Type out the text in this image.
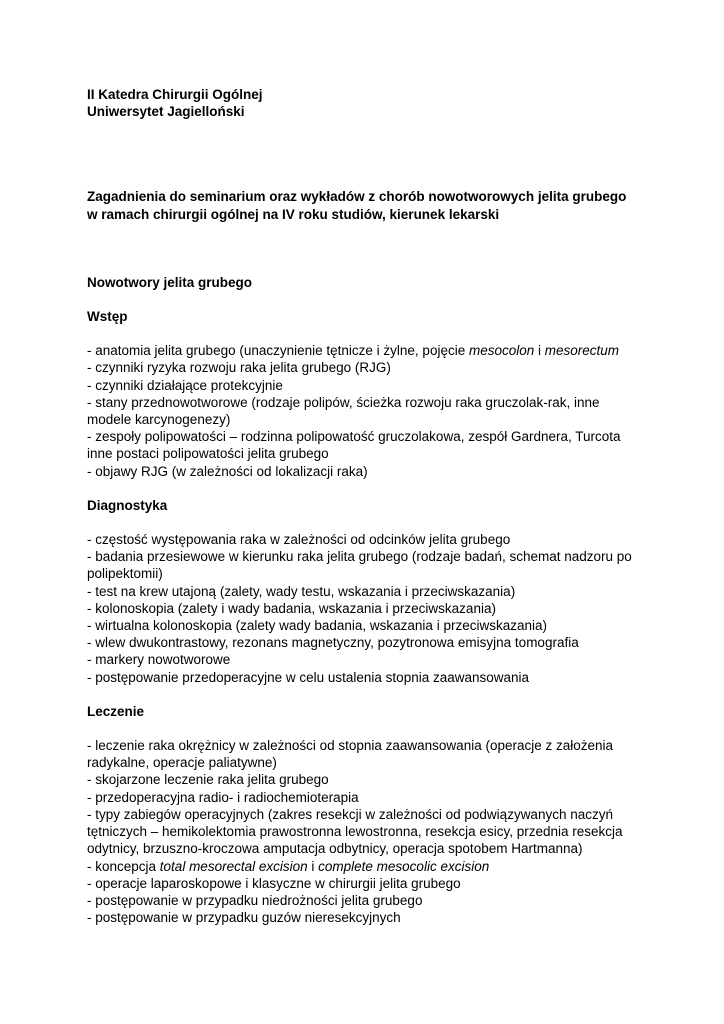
II Katedra Chirurgii Ogólnej
Uniwersytet Jagielloński
Zagadnienia do seminarium oraz wykładów z chorób nowotworowych jelita grubego
w ramach chirurgii ogólnej na IV roku studiów, kierunek lekarski
Nowotwory jelita grubego
Wstęp
- anatomia jelita grubego (unaczynienie tętnicze i żylne, pojęcie mesocolon i mesorectum
- czynniki ryzyka rozwoju raka jelita grubego (RJG)
- czynniki działające protekcyjnie
- stany przednowotworowe (rodzaje polipów, ścieżka rozwoju raka gruczolak-rak, inne
modele karcynogenezy)
- zespoły polipowatości – rodzinna polipowatość gruczolakowa, zespół Gardnera, Turcota
inne postaci polipowatości jelita grubego
- objawy RJG (w zależności od lokalizacji raka)
Diagnostyka
- częstość występowania raka w zależności od odcinków jelita grubego
- badania przesiewowe w kierunku raka jelita grubego (rodzaje badań, schemat nadzoru po
polipektomii)
- test na krew utajoną (zalety, wady testu, wskazania i przeciwskazania)
- kolonoskopia (zalety i wady badania, wskazania i przeciwskazania)
- wirtualna kolonoskopia (zalety wady badania, wskazania i przeciwskazania)
- wlew dwukontrastowy, rezonans magnetyczny, pozytronowa emisyjna tomografia
- markery nowotworowe
- postępowanie przedoperacyjne w celu ustalenia stopnia zaawansowania
Leczenie
- leczenie raka okrężnicy w zależności od stopnia zaawansowania (operacje z założenia
radykalne, operacje paliatywne)
- skojarzone leczenie raka jelita grubego
- przedoperacyjna radio- i radiochemioterapia
- typy zabiegów operacyjnych (zakres resekcji w zależności od podwiązywanych naczyń
tętniczych – hemikolektomia prawostronna lewostronna, resekcja esicy, przednia resekcja
odytnicy, brzuszno-kroczowa amputacja odbytnicy, operacja spotobem Hartmanna)
- koncepcja total mesorectal excision i complete mesocolic excision
- operacje laparoskopowe i klasyczne w chirurgii jelita grubego
- postępowanie w przypadku niedrożności jelita grubego
- postępowanie w przypadku guzów nieresekcyjnych
